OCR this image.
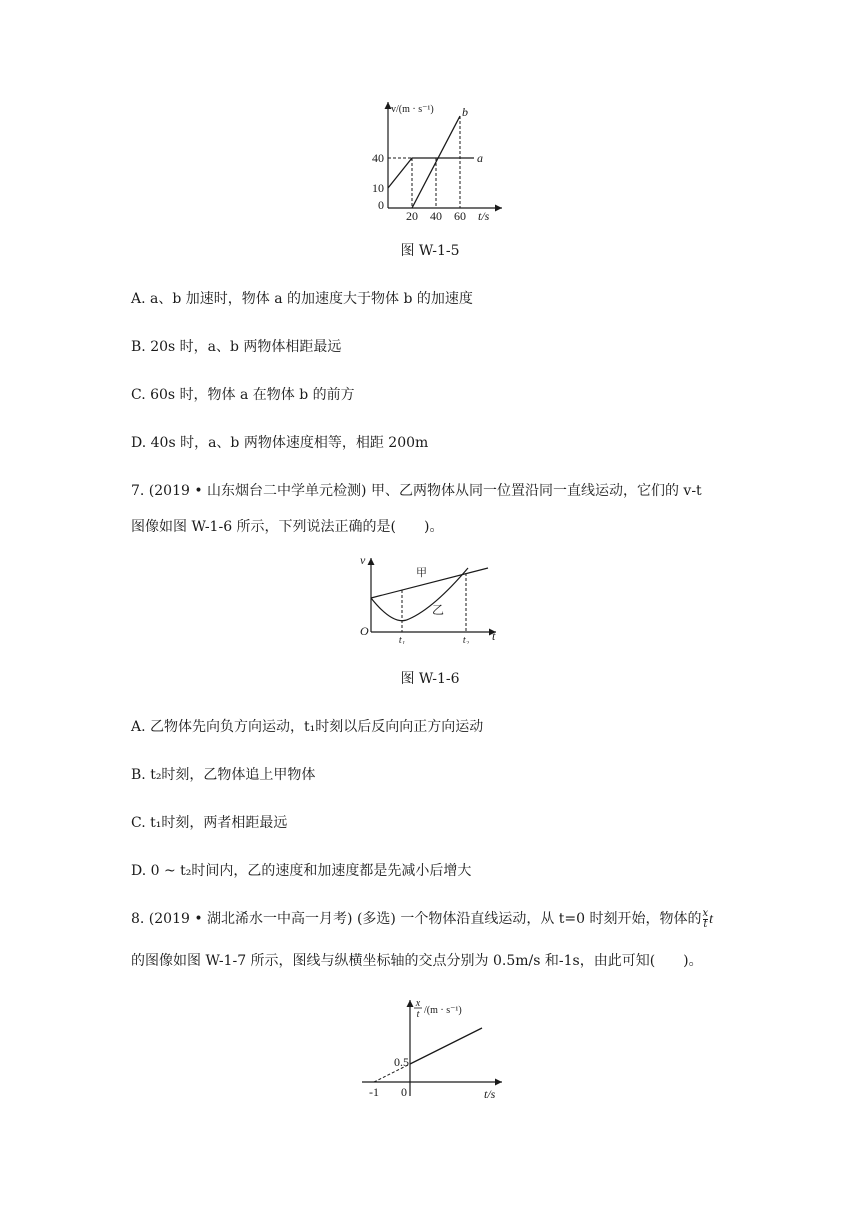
v/(m · s⁻¹)
40
10
0
20 40 60 t/s
a
b
图 W-1-5
A. a、b 加速时，物体 a 的加速度大于物体 b 的加速度
B. 20s 时，a、b 两物体相距最远
C. 60s 时，物体 a 在物体 b 的前方
D. 40s 时，a、b 两物体速度相等，相距 200m
7. (2019 • 山东烟台二中学单元检测) 甲、乙两物体从同一位置沿同一直线运动，它们的 v-t
图像如图 W-1-6 所示，下列说法正确的是(　　)。
v
O	t
t₁	t₂
甲
乙
图 W-1-6
A. 乙物体先向负方向运动，t₁时刻以后反向向正方向运动
B. t₂时刻，乙物体追上甲物体
C. t₁时刻，两者相距最远
D. 0 ~ t₂时间内，乙的速度和加速度都是先减小后增大
8. (2019 • 湖北浠水一中高一月考) (多选) 一个物体沿直线运动，从 t=0 时刻开始，物体的 $\frac{x}{t}$ t
的图像如图 W-1-7 所示，图线与纵横坐标轴的交点分别为 0.5m/s 和-1s，由此可知(　　)。
x
t /(m · s⁻¹)
0.5
-1 0	t/s
